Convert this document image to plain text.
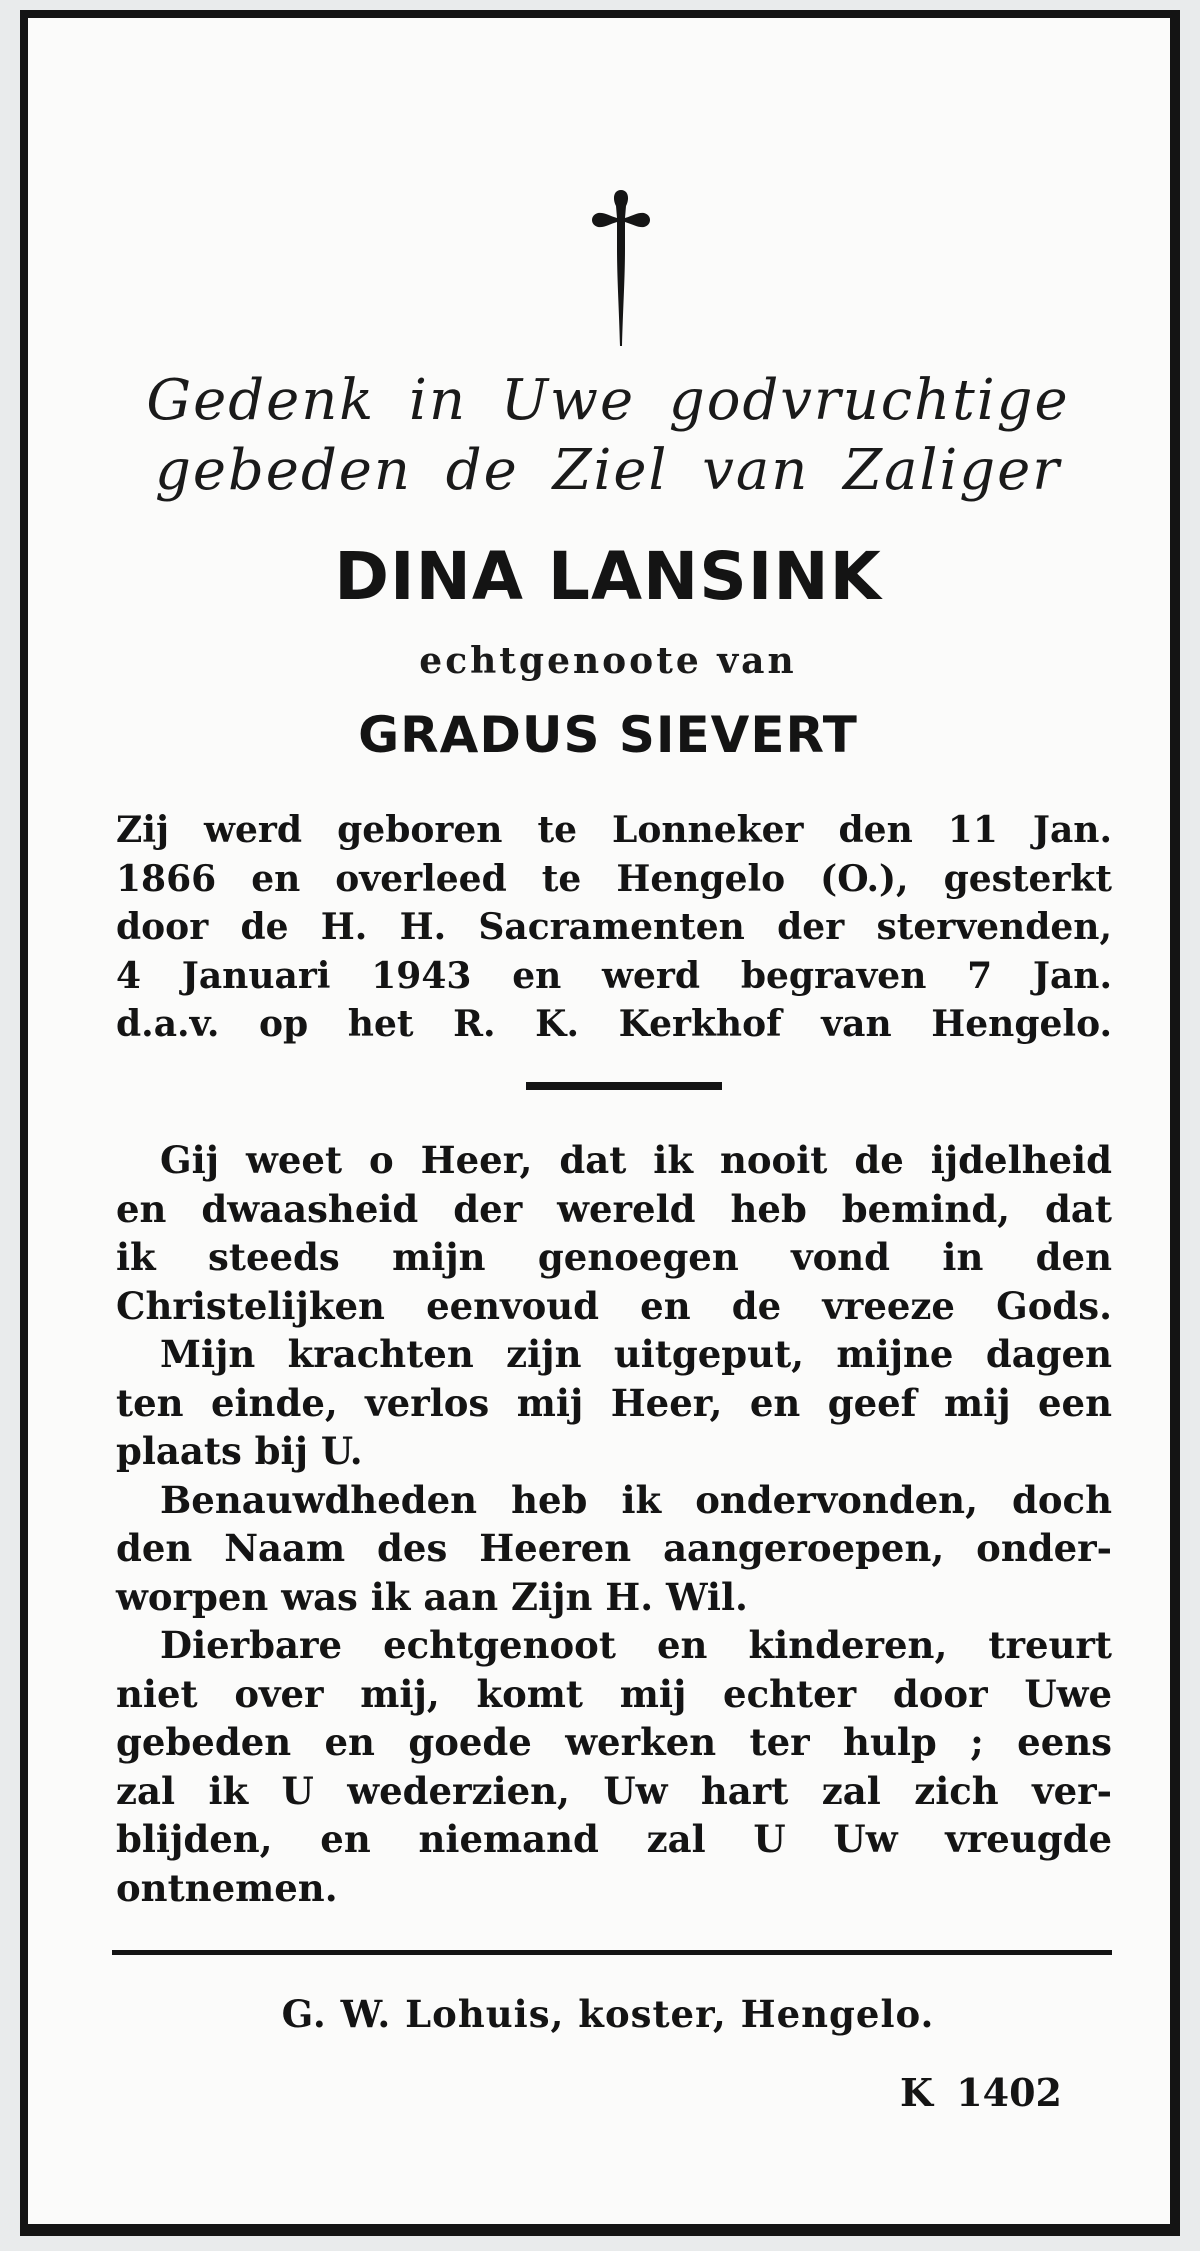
Gedenk in Uwe godvruchtige
gebeden de Ziel van Zaliger
DINA LANSINK
echtgenoote van
GRADUS SIEVERT
Zij werd geboren te Lonneker den 11 Jan.
1866 en overleed te Hengelo (O.), gesterkt
door de H. H. Sacramenten der stervenden,
4 Januari 1943 en werd begraven 7 Jan.
d.a.v. op het R. K. Kerkhof van Hengelo.
Gij weet o Heer, dat ik nooit de ijdelheid
en dwaasheid der wereld heb bemind, dat
ik steeds mijn genoegen vond in den
Christelijken eenvoud en de vreeze Gods.
Mijn krachten zijn uitgeput, mijne dagen
ten einde, verlos mij Heer, en geef mij een
plaats bij U.
Benauwdheden heb ik ondervonden, doch
den Naam des Heeren aangeroepen, onder-
worpen was ik aan Zijn H. Wil.
Dierbare echtgenoot en kinderen, treurt
niet over mij, komt mij echter door Uwe
gebeden en goede werken ter hulp ; eens
zal ik U wederzien, Uw hart zal zich ver-
blijden, en niemand zal U Uw vreugde
ontnemen.
G. W. Lohuis, koster, Hengelo.
K 1402
